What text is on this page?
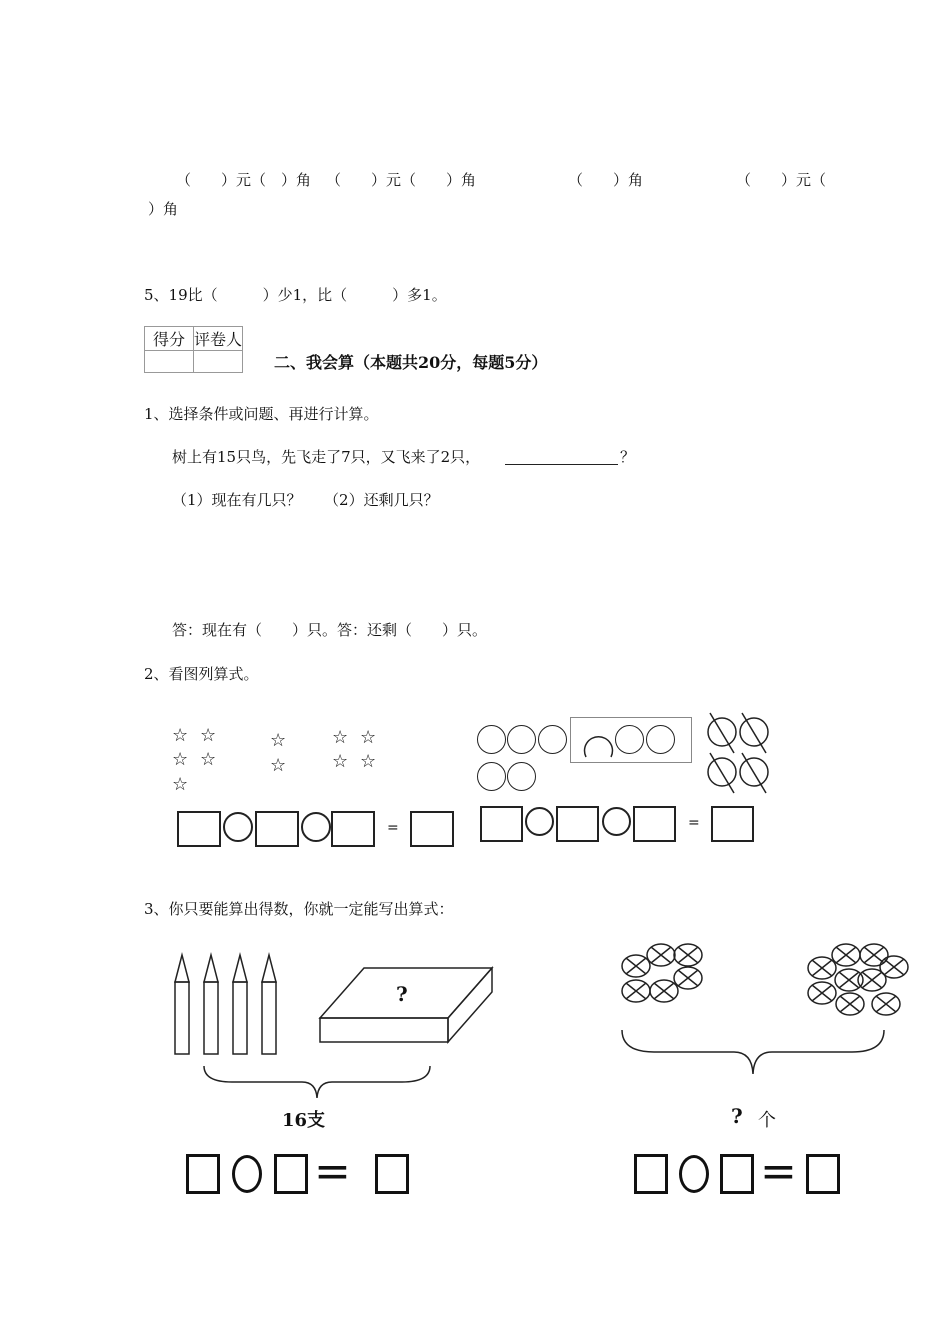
（　　）元（　）角 （　　）元（　　）角	（　　）角	（　　）元（
）角
5、19比（　　　）少1，比（　　　）多1。
得分	评卷人

二、我会算（本题共20分，每题5分）
1、选择条件或问题、再进行计算。
树上有15只鸟，先飞走了7只，又飞来了2只，	？
（1）现在有几只？　　（2）还剩几只？
答：现在有（　　）只。答：还剩（　　）只。
2、看图列算式。
☆ ☆
☆ ☆
☆
☆
☆
☆ ☆
☆ ☆
=	=
3、你只要能算出得数，你就一定能写出算式：
?
16支
=
? 个
=
